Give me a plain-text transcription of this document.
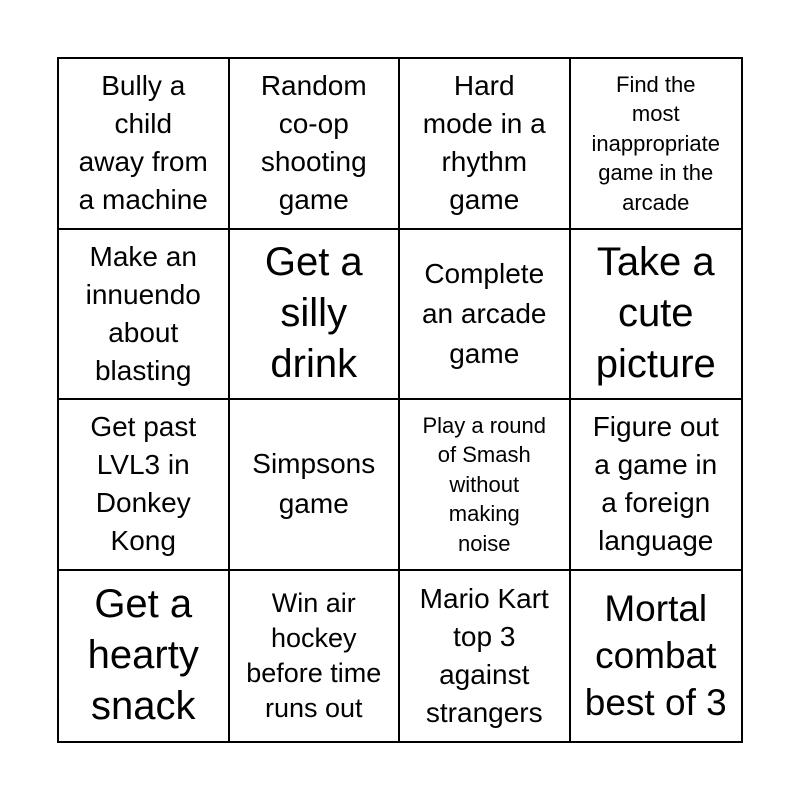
Bully a
child
away from
a machine
Random
co-op
shooting
game
Hard
mode in a
rhythm
game
Find the
most
inappropriate
game in the
arcade
Make an
innuendo
about
blasting
Get a
silly
drink
Complete
an arcade
game
Take a
cute
picture
Get past
LVL3 in
Donkey
Kong
Simpsons
game
Play a round
of Smash
without
making
noise
Figure out
a game in
a foreign
language
Get a
hearty
snack
Win air
hockey
before time
runs out
Mario Kart
top 3
against
strangers
Mortal
combat
best of 3
